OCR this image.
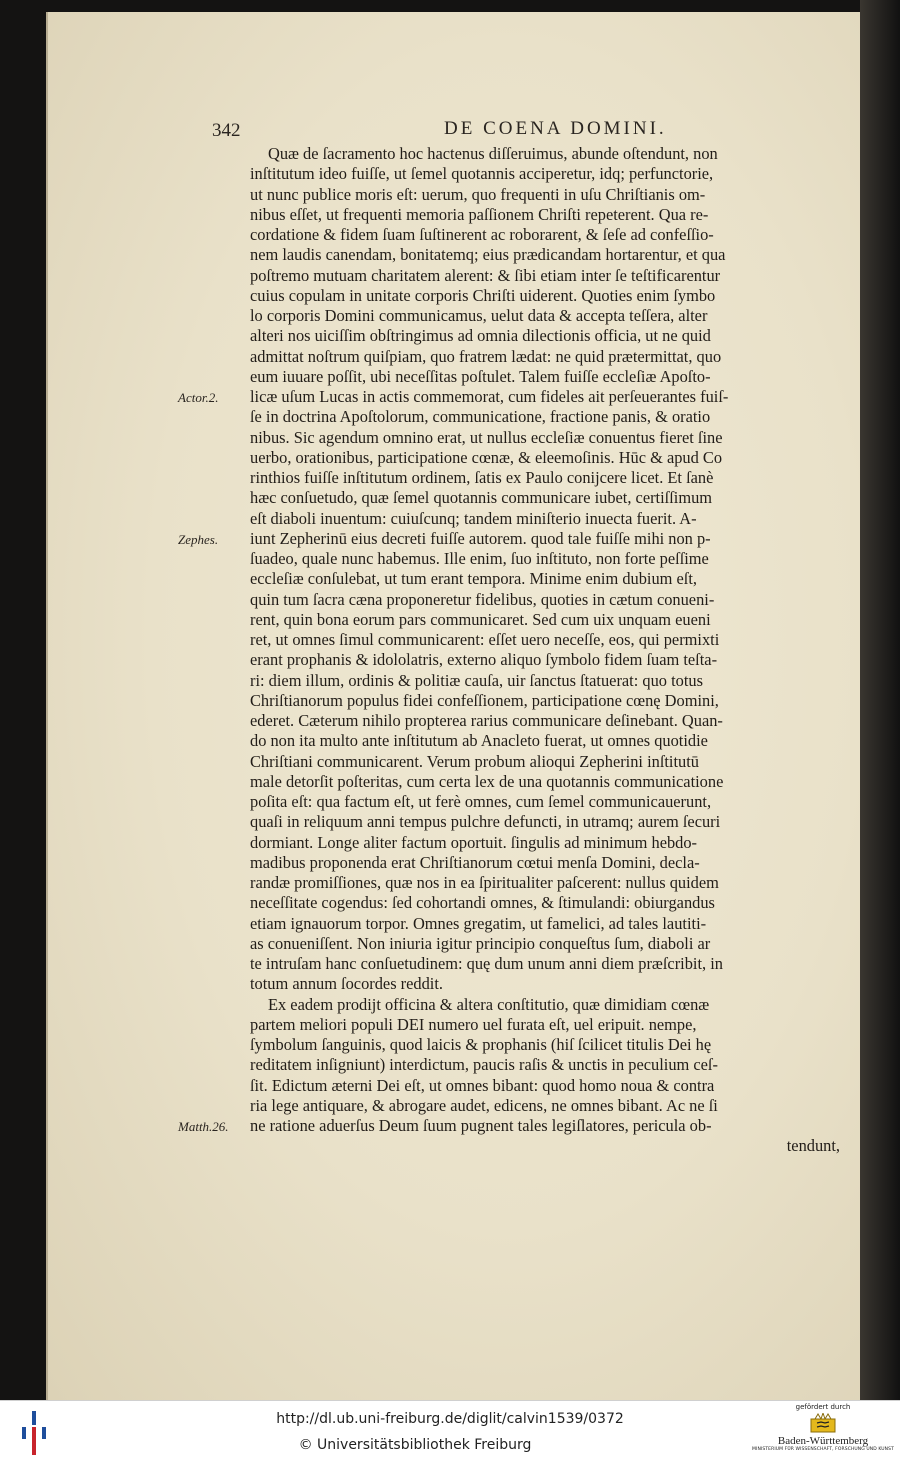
342	DE COENA DOMINI.
Quæ de ſacramento hoc hactenus diſſeruimus, abunde oſtendunt, non
inſtitutum ideo fuiſſe, ut ſemel quotannis acciperetur, idq; perfunctorie,
ut nunc publice moris eſt: uerum, quo frequenti in uſu Chriſtianis om-
nibus eſſet, ut frequenti memoria paſſionem Chriſti repeterent. Qua re-
cordatione & fidem ſuam ſuſtinerent ac roborarent, & ſeſe ad confeſſio-
nem laudis canendam, bonitatemq; eius prædicandam hortarentur, et qua
poſtremo mutuam charitatem alerent: & ſibi etiam inter ſe teſtificarentur
cuius copulam in unitate corporis Chriſti uiderent. Quoties enim ſymbo
lo corporis Domini communicamus, uelut data & accepta teſſera, alter
alteri nos uiciſſim obſtringimus ad omnia dilectionis officia, ut ne quid
admittat noſtrum quiſpiam, quo fratrem lædat: ne quid prætermittat, quo
eum iuuare poſſit, ubi neceſſitas poſtulet. Talem fuiſſe eccleſiæ Apoſto-
licæ uſum Lucas in actis commemorat, cum fideles ait perſeuerantes fuiſ-
ſe in doctrina Apoſtolorum, communicatione, fractione panis, & oratio
nibus. Sic agendum omnino erat, ut nullus eccleſiæ conuentus fieret ſine
uerbo, orationibus, participatione cœnæ, & eleemoſinis. Hūc & apud Co
rinthios fuiſſe inſtitutum ordinem, ſatis ex Paulo conijcere licet. Et ſanè
hæc conſuetudo, quæ ſemel quotannis communicare iubet, certiſſimum
eſt diaboli inuentum: cuiuſcunq; tandem miniſterio inuecta fuerit. A-
iunt Zepherinū eius decreti fuiſſe autorem. quod tale fuiſſe mihi non p-
ſuadeo, quale nunc habemus. Ille enim, ſuo inſtituto, non forte peſſime
eccleſiæ conſulebat, ut tum erant tempora. Minime enim dubium eſt,
quin tum ſacra cæna proponeretur fidelibus, quoties in cætum conueni-
rent, quin bona eorum pars communicaret. Sed cum uix unquam eueni
ret, ut omnes ſimul communicarent: eſſet uero neceſſe, eos, qui permixti
erant prophanis & idololatris, externo aliquo ſymbolo fidem ſuam teſta-
ri: diem illum, ordinis & politiæ cauſa, uir ſanctus ſtatuerat: quo totus
Chriſtianorum populus fidei confeſſionem, participatione cœnę Domini,
ederet. Cæterum nihilo propterea rarius communicare deſinebant. Quan-
do non ita multo ante inſtitutum ab Anacleto fuerat, ut omnes quotidie
Chriſtiani communicarent. Verum probum alioqui Zepherini inſtitutū
male detorſit poſteritas, cum certa lex de una quotannis communicatione
poſita eſt: qua factum eſt, ut ferè omnes, cum ſemel communicauerunt,
quaſi in reliquum anni tempus pulchre defuncti, in utramq; aurem ſecuri
dormiant. Longe aliter factum oportuit. ſingulis ad minimum hebdo-
madibus proponenda erat Chriſtianorum cœtui menſa Domini, decla-
randæ promiſſiones, quæ nos in ea ſpiritualiter paſcerent: nullus quidem
neceſſitate cogendus: ſed cohortandi omnes, & ſtimulandi: obiurgandus
etiam ignauorum torpor. Omnes gregatim, ut famelici, ad tales lautiti-
as conueniſſent. Non iniuria igitur principio conqueſtus ſum, diaboli ar
te intruſam hanc conſuetudinem: quę dum unum anni diem præſcribit, in
totum annum ſocordes reddit.
Ex eadem prodijt officina & altera conſtitutio, quæ dimidiam cœnæ
partem meliori populi DEI numero uel furata eſt, uel eripuit. nempe,
ſymbolum ſanguinis, quod laicis & prophanis (hiſ ſcilicet titulis Dei hę
reditatem inſigniunt) interdictum, paucis raſis & unctis in peculium ceſ-
ſit. Edictum æterni Dei eſt, ut omnes bibant: quod homo noua & contra
ria lege antiquare, & abrogare audet, edicens, ne omnes bibant. Ac ne ſi
ne ratione aduerſus Deum ſuum pugnent tales legiſlatores, pericula ob-
tendunt,
Actor.2.
Zephes.
Matth.26.
http://dl.ub.uni-freiburg.de/diglit/calvin1539/0372
© Universitätsbibliothek Freiburg
gefördert durch
Baden-Württemberg
MINISTERIUM FÜR WISSENSCHAFT, FORSCHUNG UND KUNST
